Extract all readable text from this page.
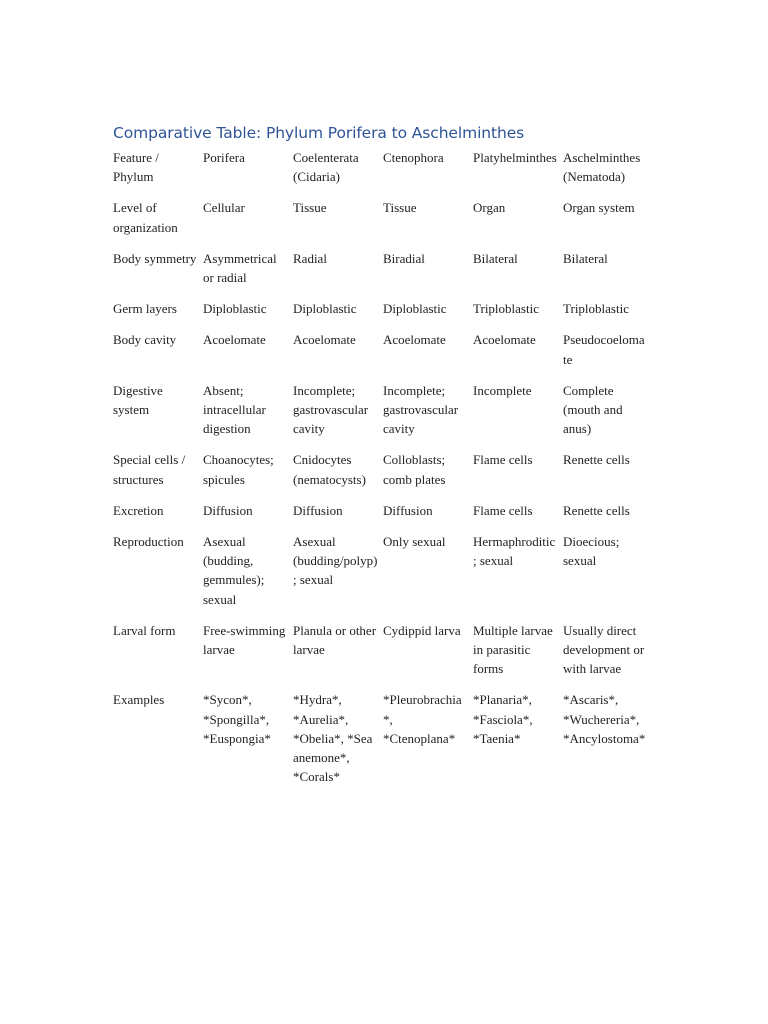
Comparative Table: Phylum Porifera to Aschelminthes
Feature / Phylum	Porifera	Coelenterata (Cidaria)	Ctenophora	Platyhelminthes	Aschelminthes (Nematoda)
Level of organization	Cellular	Tissue	Tissue	Organ	Organ system
Body symmetry	Asymmetrical or radial	Radial	Biradial	Bilateral	Bilateral
Germ layers	Diploblastic	Diploblastic	Diploblastic	Triploblastic	Triploblastic
Body cavity	Acoelomate	Acoelomate	Acoelomate	Acoelomate	Pseudocoelomate
Digestive system	Absent; intracellular digestion	Incomplete; gastrovascular cavity	Incomplete; gastrovascular cavity	Incomplete	Complete (mouth and anus)
Special cells / structures	Choanocytes; spicules	Cnidocytes (nematocysts)	Colloblasts; comb plates	Flame cells	Renette cells
Excretion	Diffusion	Diffusion	Diffusion	Flame cells	Renette cells
Reproduction	Asexual (budding, gemmules); sexual	Asexual (budding/polyp); sexual	Only sexual	Hermaphroditic; sexual	Dioecious; sexual
Larval form	Free-swimming larvae	Planula or other larvae	Cydippid larva	Multiple larvae in parasitic forms	Usually direct development or with larvae
Examples	*Sycon*, *Spongilla*, *Euspongia*	*Hydra*, *Aurelia*, *Obelia*, *Sea anemone*, *Corals*	*Pleurobrachia*, *Ctenoplana*	*Planaria*, *Fasciola*, *Taenia*	*Ascaris*, *Wuchereria*, *Ancylostoma*
